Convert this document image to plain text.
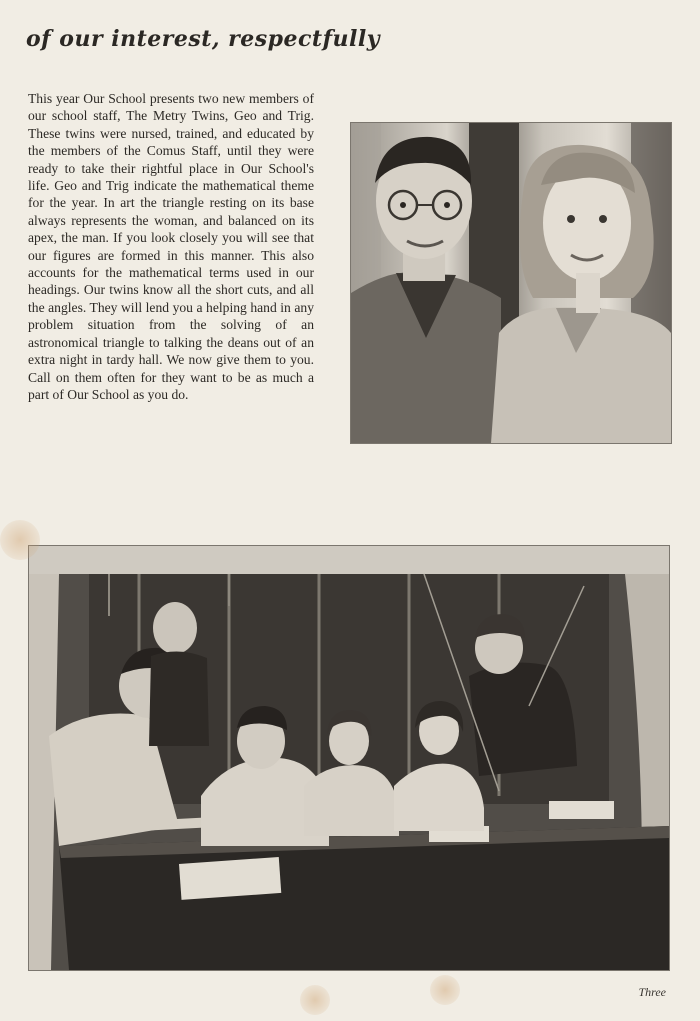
of our interest, respectfully
This year Our School presents two new members of our school staff, The Metry Twins, Geo and Trig. These twins were nursed, trained, and educated by the members of the Comus Staff, until they were ready to take their rightful place in Our School's life. Geo and Trig indicate the mathematical theme for the year. In art the triangle resting on its base always represents the woman, and balanced on its apex, the man. If you look closely you will see that our figures are formed in this manner. This also accounts for the mathematical terms used in our headings. Our twins know all the short cuts, and all the angles. They will lend you a helping hand in any problem situation from the solving of an astronomical triangle to talking the deans out of an extra night in tardy hall. We now give them to you. Call on them often for they want to be as much a part of Our School as you do.
Three
